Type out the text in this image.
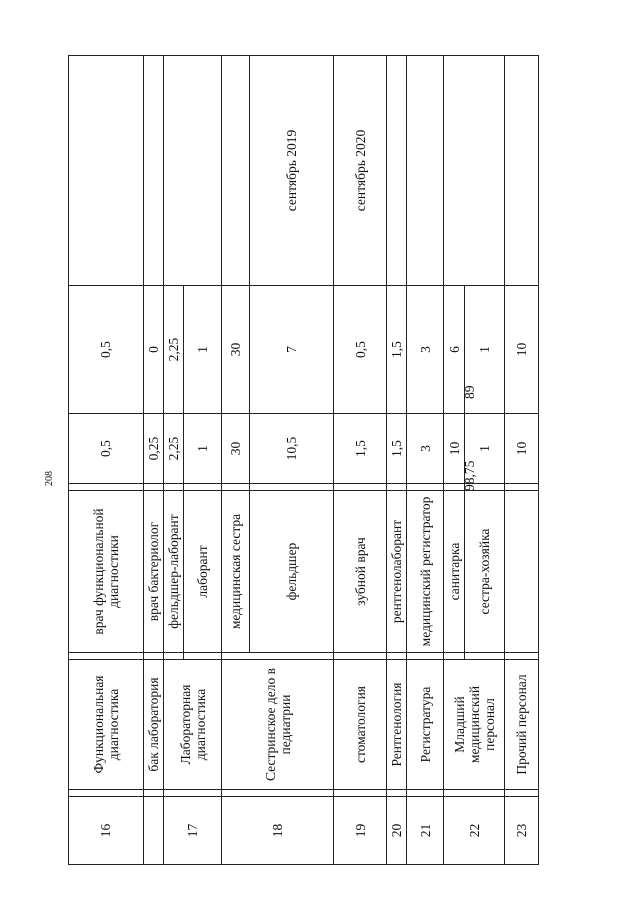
208
16		Функциональная диагностика		врач функциональной диагностики		0,5	0,5	
		бак лаборатория		врач бактериолог		0,25	0	
17		Лабораторная диагностика		фельдшер-лаборант		2,25	2,25	
				лаборант		1	1	
18		Сестринское дело в педиатрии		медицинская сестра		30	30	
				фельдшер		10,5	7	сентябрь 2019
19		стоматология		зубной врач		1,5	0,5	сентябрь 2020
20		Рентгенология		рентгенолаборант		1,5	1,5	
21		Регистратура		медицинский регистратор		3	3	
22		Младший медицинский персонал		санитарка		10	6	
				сестра-хозяйка		1	1	
23		Прочий персонал				10	10	
98,75
89
